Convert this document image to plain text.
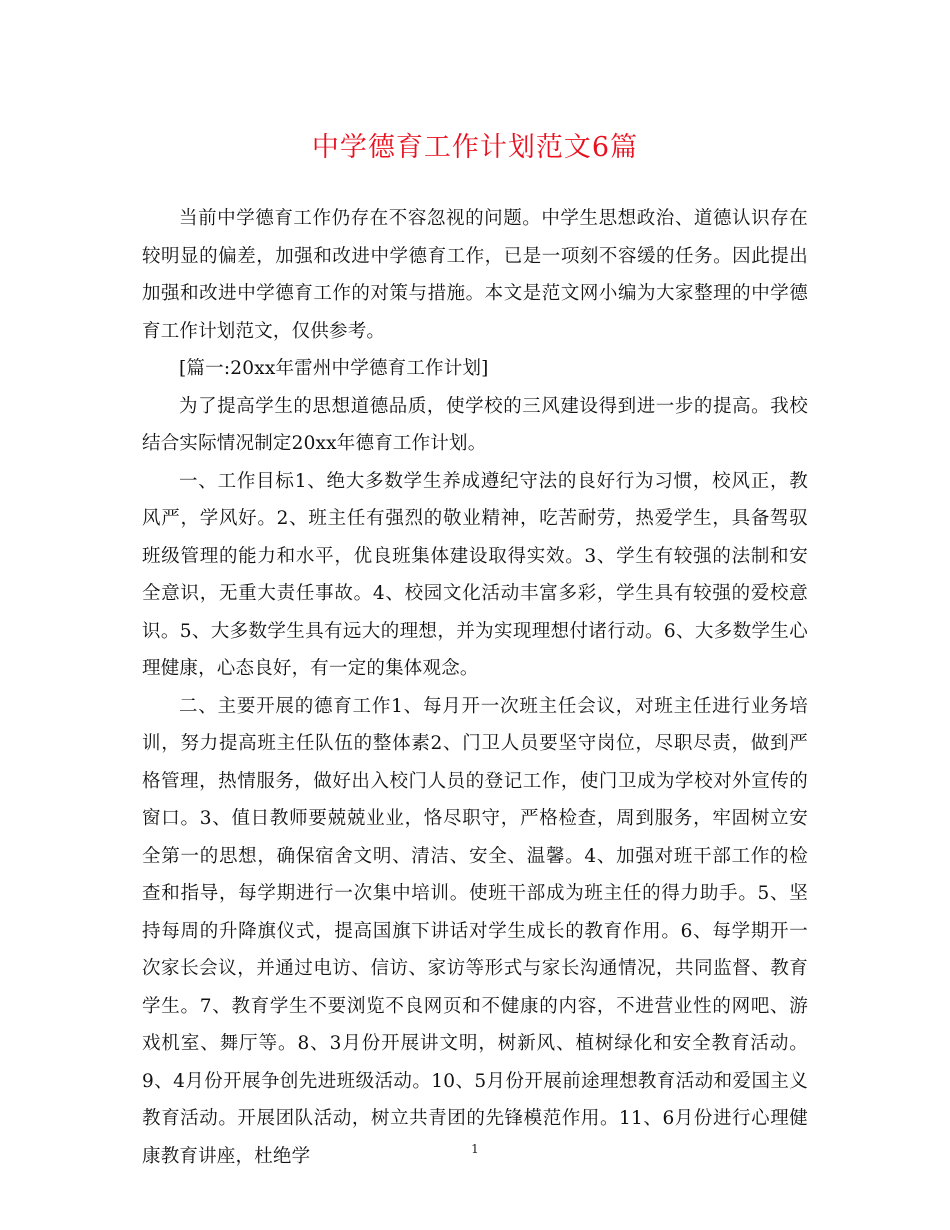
中学德育工作计划范文6篇

当前中学德育工作仍存在不容忽视的问题。中学生思想政治、道德认识存在较明显的偏差，加强和改进中学德育工作，已是一项刻不容缓的任务。因此提出加强和改进中学德育工作的对策与措施。本文是范文网小编为大家整理的中学德育工作计划范文，仅供参考。

[篇一:20xx年雷州中学德育工作计划]

为了提高学生的思想道德品质，使学校的三风建设得到进一步的提高。我校结合实际情况制定20xx年德育工作计划。

一、工作目标1、绝大多数学生养成遵纪守法的良好行为习惯，校风正，教风严，学风好。2、班主任有强烈的敬业精神，吃苦耐劳，热爱学生，具备驾驭班级管理的能力和水平，优良班集体建设取得实效。3、学生有较强的法制和安全意识，无重大责任事故。4、校园文化活动丰富多彩，学生具有较强的爱校意识。5、大多数学生具有远大的理想，并为实现理想付诸行动。6、大多数学生心理健康，心态良好，有一定的集体观念。

二、主要开展的德育工作1、每月开一次班主任会议，对班主任进行业务培训，努力提高班主任队伍的整体素2、门卫人员要坚守岗位，尽职尽责，做到严格管理，热情服务，做好出入校门人员的登记工作，使门卫成为学校对外宣传的窗口。3、值日教师要兢兢业业，恪尽职守，严格检查，周到服务，牢固树立安全第一的思想，确保宿舍文明、清洁、安全、温馨。4、加强对班干部工作的检查和指导，每学期进行一次集中培训。使班干部成为班主任的得力助手。5、坚持每周的升降旗仪式，提高国旗下讲话对学生成长的教育作用。6、每学期开一次家长会议，并通过电访、信访、家访等形式与家长沟通情况，共同监督、教育学生。7、教育学生不要浏览不良网页和不健康的内容，不进营业性的网吧、游戏机室、舞厅等。8、3月份开展讲文明，树新风、植树绿化和安全教育活动。9、4月份开展争创先进班级活动。10、5月份开展前途理想教育活动和爱国主义教育活动。开展团队活动，树立共青团的先锋模范作用。11、6月份进行心理健康教育讲座，杜绝学	1
